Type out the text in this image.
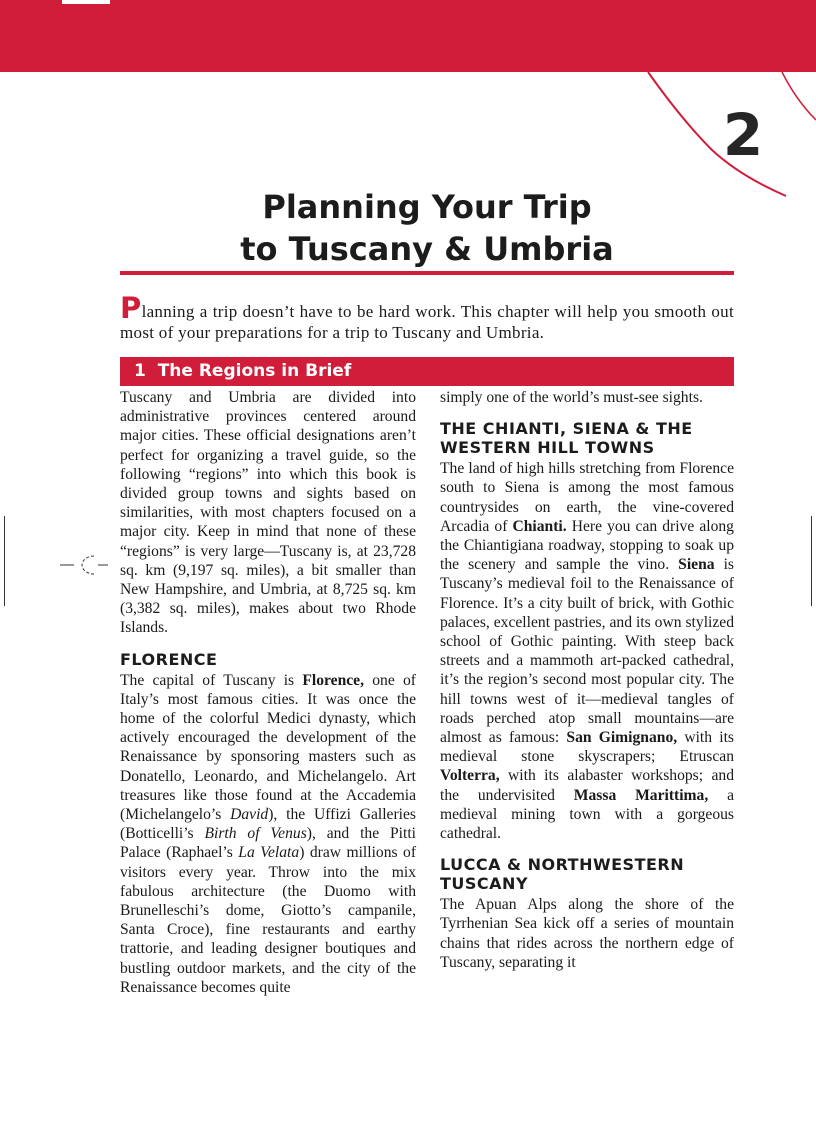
2
Planning Your Trip
to Tuscany & Umbria

Planning a trip doesn’t have to be hard work. This chapter will help you smooth out most of your preparations for a trip to Tuscany and Umbria.

1 The Regions in Brief

Tuscany and Umbria are divided into administrative provinces centered around major cities. These official designations aren’t perfect for organizing a travel guide, so the following “regions” into which this book is divided group towns and sights based on similarities, with most chapters focused on a major city. Keep in mind that none of these “regions” is very large—Tuscany is, at 23,728 sq. km (9,197 sq. miles), a bit smaller than New Hampshire, and Umbria, at 8,725 sq. km (3,382 sq. miles), makes about two Rhode Islands.

FLORENCE

The capital of Tuscany is Florence, one of Italy’s most famous cities. It was once the home of the colorful Medici dynasty, which actively encouraged the development of the Renaissance by sponsoring masters such as Donatello, Leonardo, and Michelangelo. Art treasures like those found at the Accademia (Michelangelo’s David), the Uffizi Galleries (Botticelli’s Birth of Venus), and the Pitti Palace (Raphael’s La Velata) draw millions of visitors every year. Throw into the mix fabulous architecture (the Duomo with Brunelleschi’s dome, Giotto’s campanile, Santa Croce), fine restaurants and earthy trattorie, and leading designer boutiques and bustling outdoor markets, and the city of the Renaissance becomes quite

simply one of the world’s must-see sights.

THE CHIANTI, SIENA & THE WESTERN HILL TOWNS

The land of high hills stretching from Florence south to Siena is among the most famous countrysides on earth, the vine-covered Arcadia of Chianti. Here you can drive along the Chiantigiana roadway, stopping to soak up the scenery and sample the vino. Siena is Tuscany’s medieval foil to the Renaissance of Florence. It’s a city built of brick, with Gothic palaces, excellent pastries, and its own stylized school of Gothic painting. With steep back streets and a mammoth art-packed cathedral, it’s the region’s second most popular city. The hill towns west of it—medieval tangles of roads perched atop small mountains—are almost as famous: San Gimignano, with its medieval stone skyscrapers; Etruscan Volterra, with its alabaster workshops; and the undervisited Massa Marittima, a medieval mining town with a gorgeous cathedral.

LUCCA & NORTHWESTERN TUSCANY

The Apuan Alps along the shore of the Tyrrhenian Sea kick off a series of mountain chains that rides across the northern edge of Tuscany, separating it
